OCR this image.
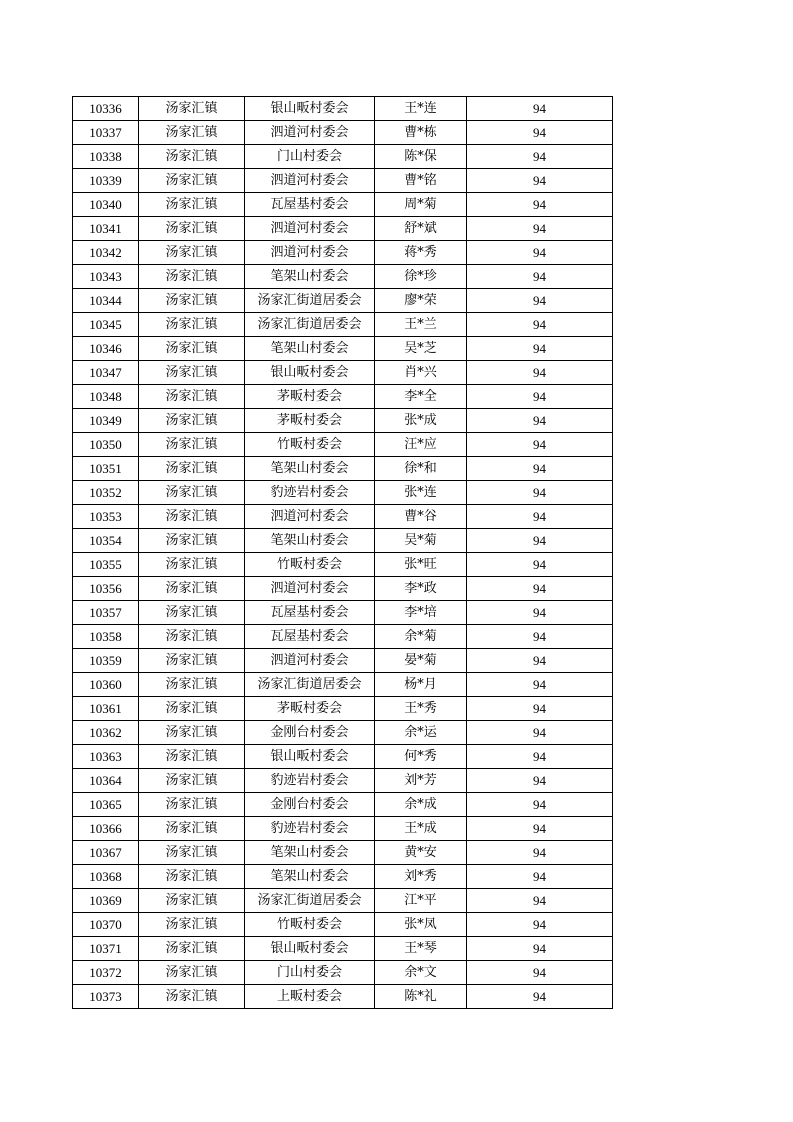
10336	汤家汇镇	银山畈村委会	王*连	94
10337	汤家汇镇	泗道河村委会	曹*栋	94
10338	汤家汇镇	门山村委会	陈*保	94
10339	汤家汇镇	泗道河村委会	曹*铭	94
10340	汤家汇镇	瓦屋基村委会	周*菊	94
10341	汤家汇镇	泗道河村委会	舒*斌	94
10342	汤家汇镇	泗道河村委会	蒋*秀	94
10343	汤家汇镇	笔架山村委会	徐*珍	94
10344	汤家汇镇	汤家汇街道居委会	廖*荣	94
10345	汤家汇镇	汤家汇街道居委会	王*兰	94
10346	汤家汇镇	笔架山村委会	吴*芝	94
10347	汤家汇镇	银山畈村委会	肖*兴	94
10348	汤家汇镇	茅畈村委会	李*全	94
10349	汤家汇镇	茅畈村委会	张*成	94
10350	汤家汇镇	竹畈村委会	汪*应	94
10351	汤家汇镇	笔架山村委会	徐*和	94
10352	汤家汇镇	豹迹岩村委会	张*连	94
10353	汤家汇镇	泗道河村委会	曹*谷	94
10354	汤家汇镇	笔架山村委会	吴*菊	94
10355	汤家汇镇	竹畈村委会	张*旺	94
10356	汤家汇镇	泗道河村委会	李*政	94
10357	汤家汇镇	瓦屋基村委会	李*培	94
10358	汤家汇镇	瓦屋基村委会	余*菊	94
10359	汤家汇镇	泗道河村委会	晏*菊	94
10360	汤家汇镇	汤家汇街道居委会	杨*月	94
10361	汤家汇镇	茅畈村委会	王*秀	94
10362	汤家汇镇	金刚台村委会	余*运	94
10363	汤家汇镇	银山畈村委会	何*秀	94
10364	汤家汇镇	豹迹岩村委会	刘*芳	94
10365	汤家汇镇	金刚台村委会	余*成	94
10366	汤家汇镇	豹迹岩村委会	王*成	94
10367	汤家汇镇	笔架山村委会	黄*安	94
10368	汤家汇镇	笔架山村委会	刘*秀	94
10369	汤家汇镇	汤家汇街道居委会	江*平	94
10370	汤家汇镇	竹畈村委会	张*凤	94
10371	汤家汇镇	银山畈村委会	王*琴	94
10372	汤家汇镇	门山村委会	余*文	94
10373	汤家汇镇	上畈村委会	陈*礼	94
